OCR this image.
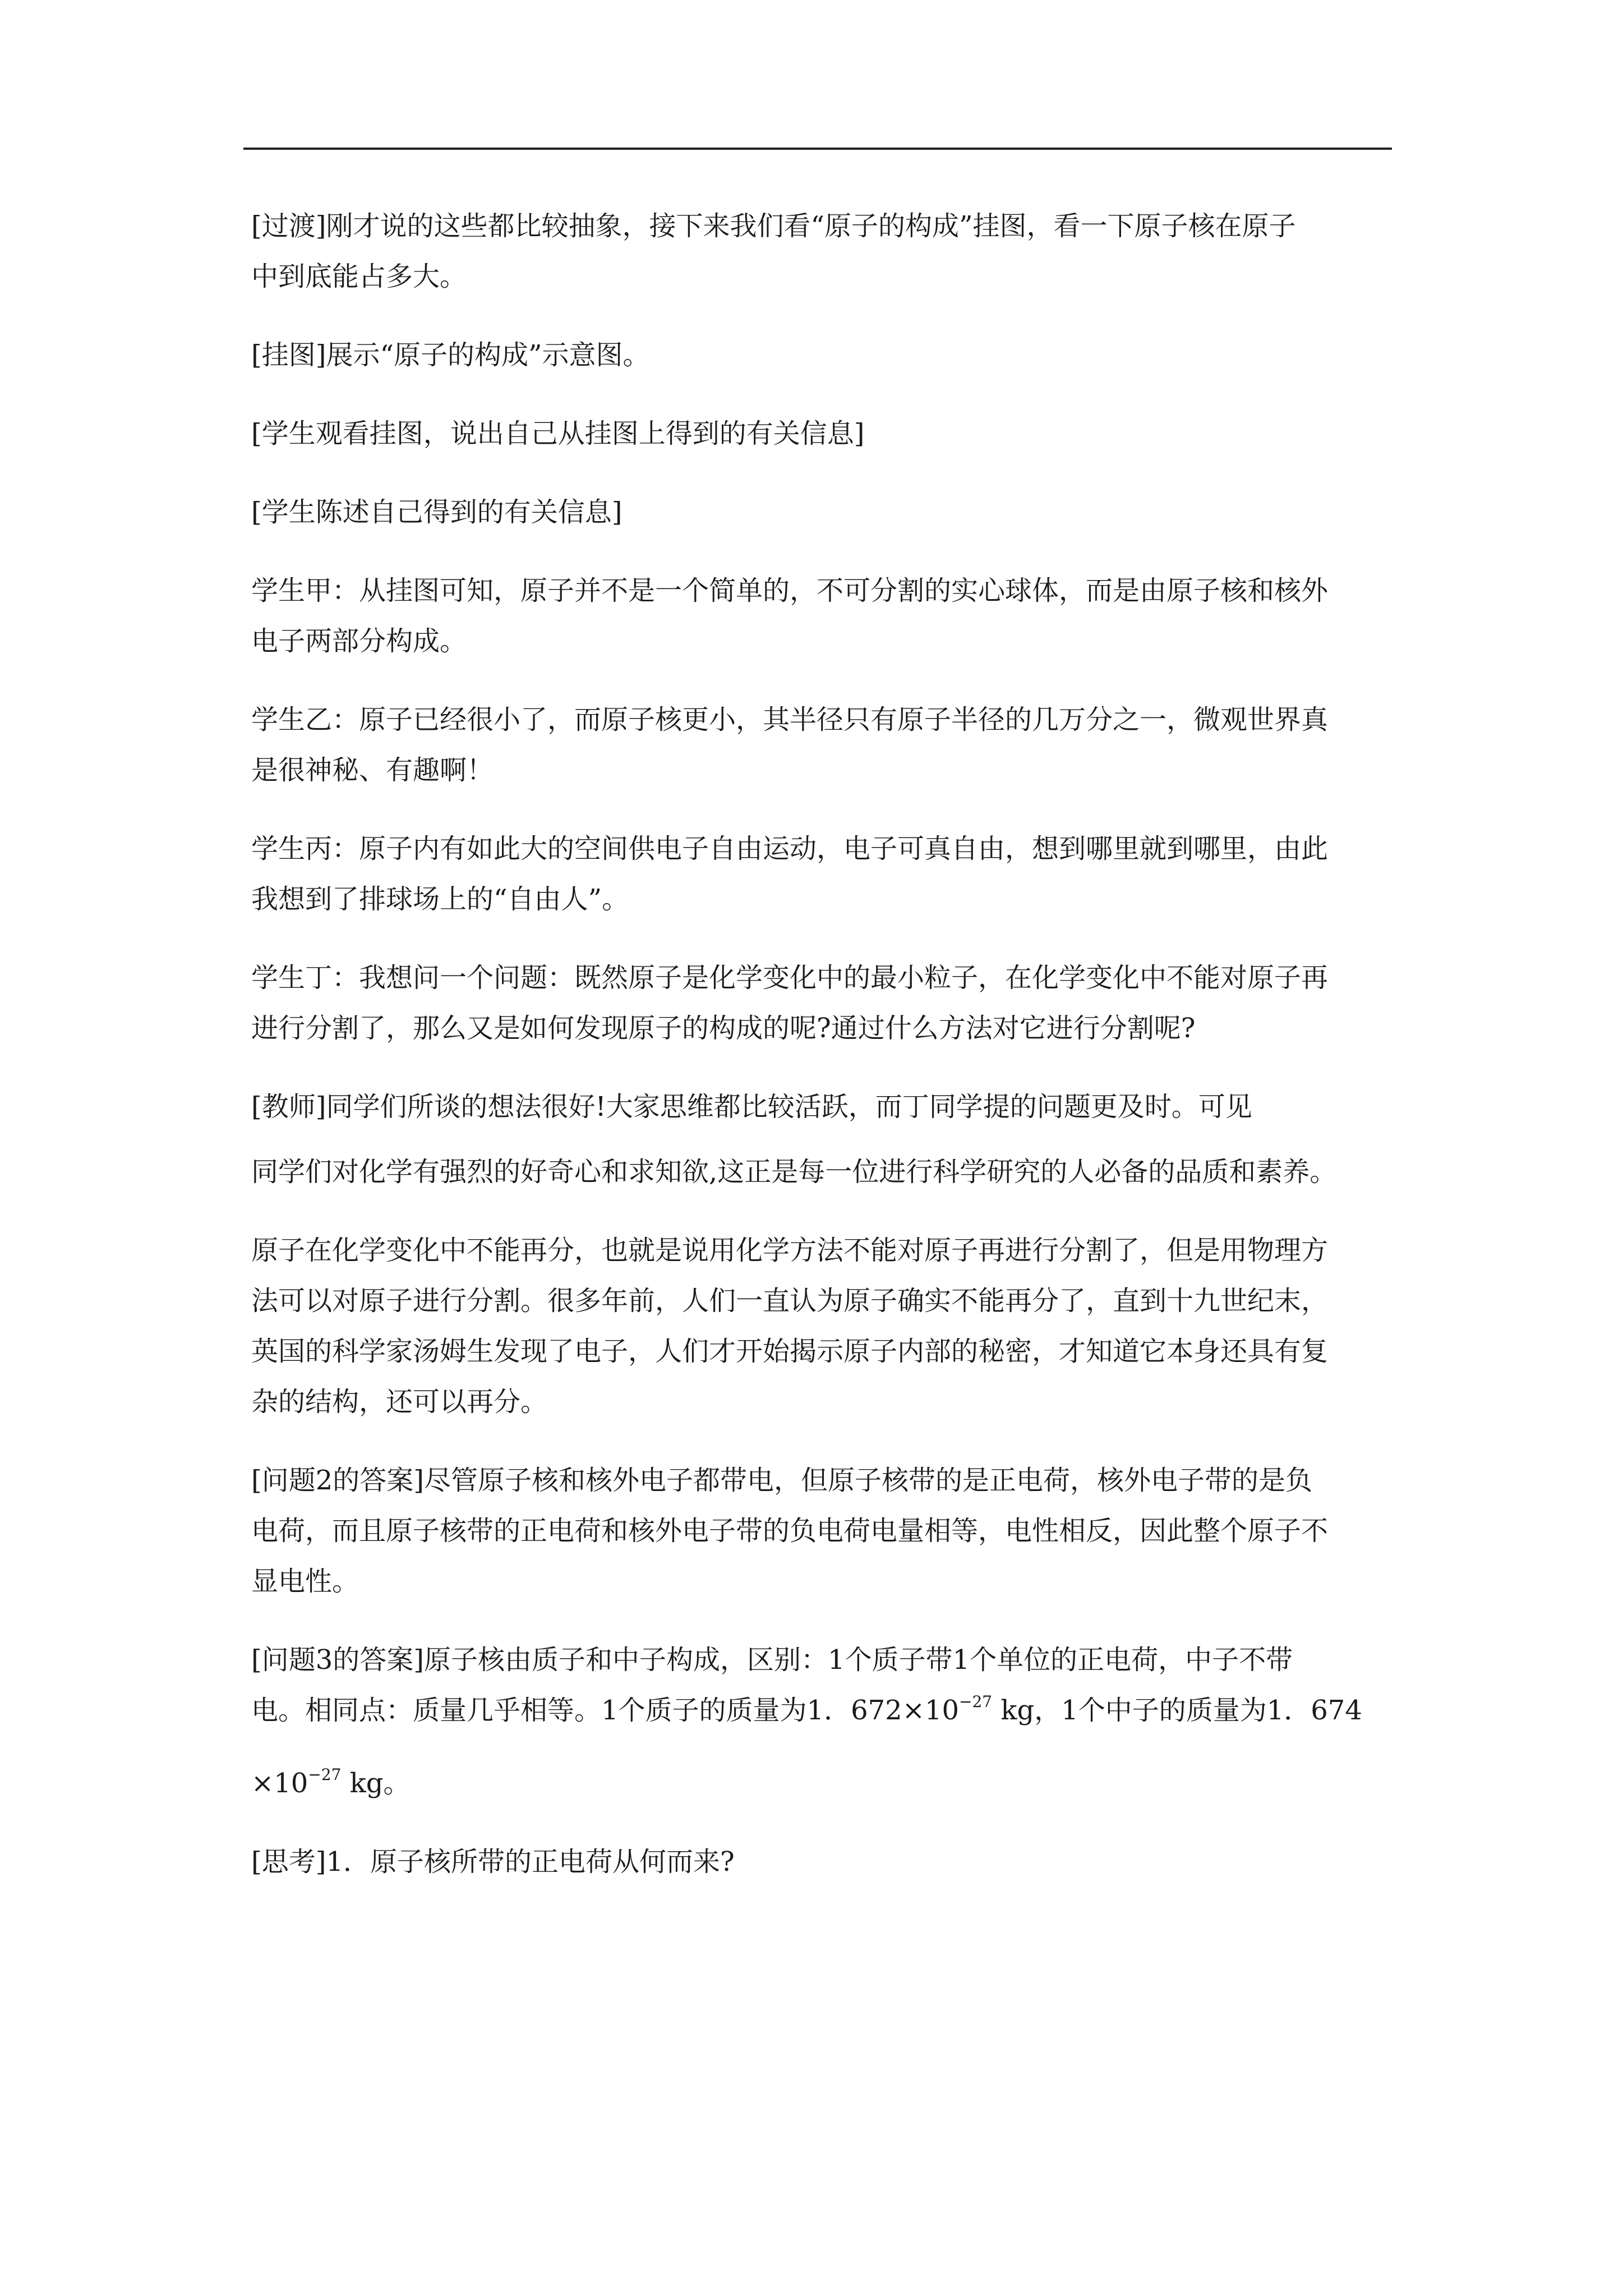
[过渡]刚才说的这些都比较抽象，接下来我们看“原子的构成”挂图，看一下原子核在原子
中到底能占多大。

[挂图]展示“原子的构成”示意图。

[学生观看挂图，说出自己从挂图上得到的有关信息]

[学生陈述自己得到的有关信息]

学生甲：从挂图可知，原子并不是一个简单的，不可分割的实心球体，而是由原子核和核外
电子两部分构成。

学生乙：原子已经很小了，而原子核更小，其半径只有原子半径的几万分之一，微观世界真
是很神秘、有趣啊！

学生丙：原子内有如此大的空间供电子自由运动，电子可真自由，想到哪里就到哪里，由此
我想到了排球场上的“自由人”。

学生丁：我想问一个问题：既然原子是化学变化中的最小粒子，在化学变化中不能对原子再
进行分割了，那么又是如何发现原子的构成的呢?通过什么方法对它进行分割呢?

[教师]同学们所谈的想法很好!大家思维都比较活跃，而丁同学提的问题更及时。可见

同学们对化学有强烈的好奇心和求知欲,这正是每一位进行科学研究的人必备的品质和素养。

原子在化学变化中不能再分，也就是说用化学方法不能对原子再进行分割了，但是用物理方
法可以对原子进行分割。很多年前，人们一直认为原子确实不能再分了，直到十九世纪末，
英国的科学家汤姆生发现了电子，人们才开始揭示原子内部的秘密，才知道它本身还具有复
杂的结构，还可以再分。

[问题2的答案]尽管原子核和核外电子都带电，但原子核带的是正电荷，核外电子带的是负
电荷，而且原子核带的正电荷和核外电子带的负电荷电量相等，电性相反，因此整个原子不
显电性。

[问题3的答案]原子核由质子和中子构成，区别：1个质子带1个单位的正电荷，中子不带
电。相同点：质量几乎相等。1个质子的质量为1．$672\times 10^{-27}$ kg，1个中子的质量为1．674
$\times 10^{-27}$ kg。

[思考]1．原子核所带的正电荷从何而来?
